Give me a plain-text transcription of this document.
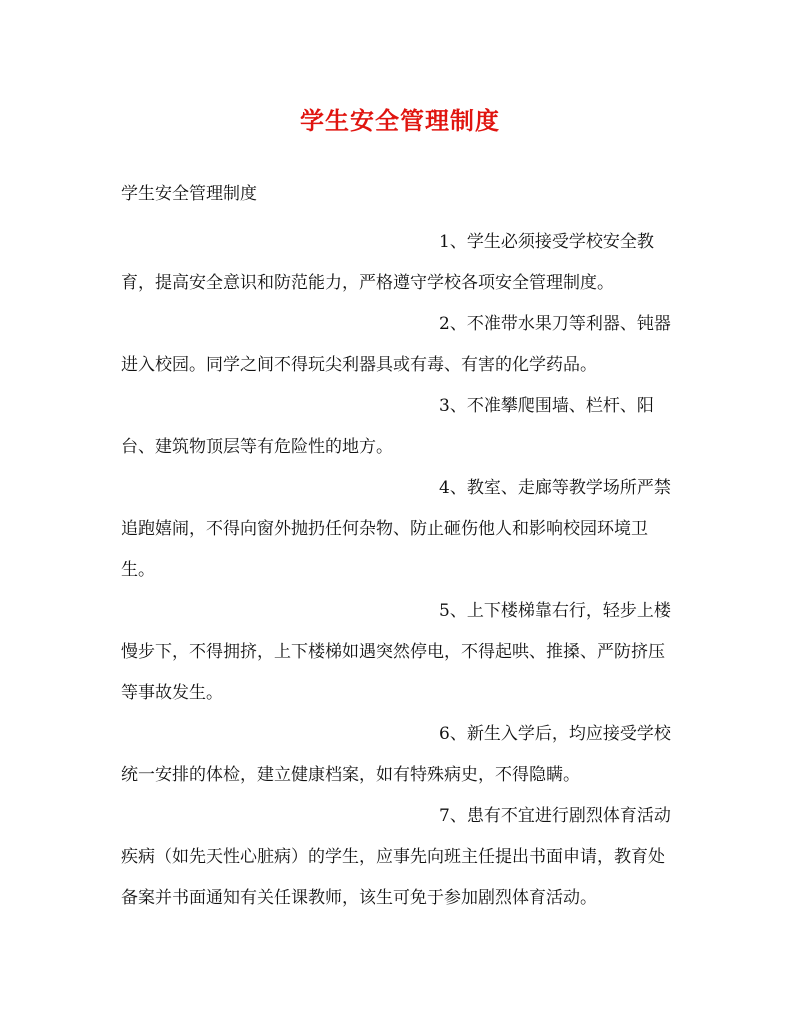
学生安全管理制度

学生安全管理制度

1、学生必须接受学校安全教育，提高安全意识和防范能力，严格遵守学校各项安全管理制度。

2、不准带水果刀等利器、钝器进入校园。同学之间不得玩尖利器具或有毒、有害的化学药品。

3、不准攀爬围墙、栏杆、阳台、建筑物顶层等有危险性的地方。

4、教室、走廊等教学场所严禁追跑嬉闹，不得向窗外抛扔任何杂物、防止砸伤他人和影响校园环境卫生。

5、上下楼梯靠右行，轻步上楼慢步下，不得拥挤，上下楼梯如遇突然停电，不得起哄、推搡、严防挤压等事故发生。

6、新生入学后，均应接受学校统一安排的体检，建立健康档案，如有特殊病史，不得隐瞒。

7、患有不宜进行剧烈体育活动疾病（如先天性心脏病）的学生，应事先向班主任提出书面申请，教育处备案并书面通知有关任课教师，该生可免于参加剧烈体育活动。
